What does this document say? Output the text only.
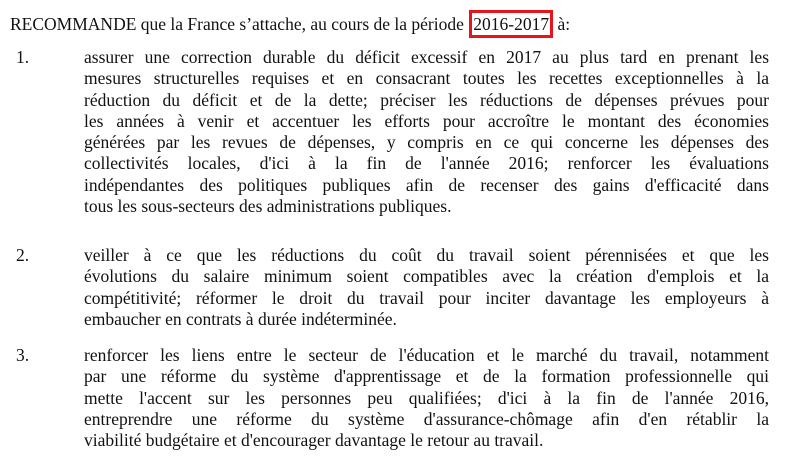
RECOMMANDE que la France s’attache, au cours de la période 2016-2017 à:
1.	assurer une correction durable du déficit excessif en 2017 au plus tard en prenant les
mesures structurelles requises et en consacrant toutes les recettes exceptionnelles à la
réduction du déficit et de la dette; préciser les réductions de dépenses prévues pour
les années à venir et accentuer les efforts pour accroître le montant des économies
générées par les revues de dépenses, y compris en ce qui concerne les dépenses des
collectivités locales, d'ici à la fin de l'année 2016; renforcer les évaluations
indépendantes des politiques publiques afin de recenser des gains d'efficacité dans
tous les sous-secteurs des administrations publiques.
2.	veiller à ce que les réductions du coût du travail soient pérennisées et que les
évolutions du salaire minimum soient compatibles avec la création d'emplois et la
compétitivité; réformer le droit du travail pour inciter davantage les employeurs à
embaucher en contrats à durée indéterminée.
3.	renforcer les liens entre le secteur de l'éducation et le marché du travail, notamment
par une réforme du système d'apprentissage et de la formation professionnelle qui
mette l'accent sur les personnes peu qualifiées; d'ici à la fin de l'année 2016,
entreprendre une réforme du système d'assurance-chômage afin d'en rétablir la
viabilité budgétaire et d'encourager davantage le retour au travail.
